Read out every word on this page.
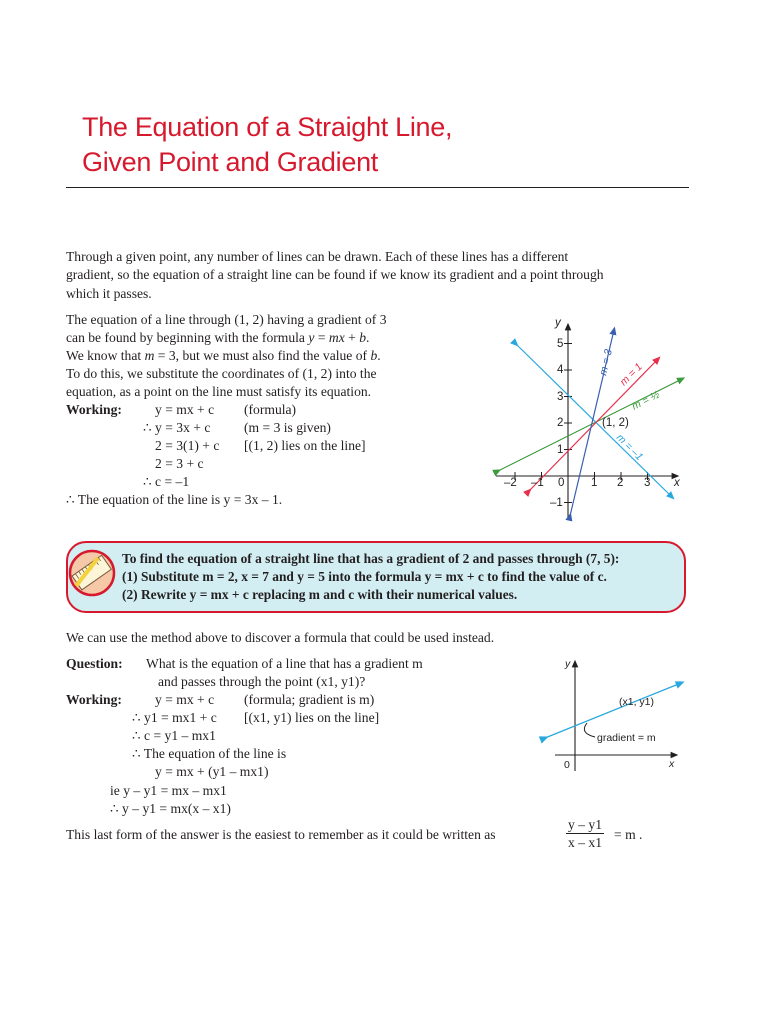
The Equation of a Straight Line,
Given Point and Gradient
Through a given point, any number of lines can be drawn. Each of these lines has a different
gradient, so the equation of a straight line can be found if we know its gradient and a point through
which it passes.
The equation of a line through (1, 2) having a gradient of 3
can be found by beginning with the formula y = mx + b.
We know that m = 3, but we must also find the value of b.
To do this, we substitute the coordinates of (1, 2) into the
equation, as a point on the line must satisfy its equation.
Working: y = mx + c (formula)
∴ y = 3x + c (m = 3 is given)
2 = 3(1) + c [(1, 2) lies on the line]
2 = 3 + c
∴ c = –1
∴ The equation of the line is y = 3x – 1.
x
y
–2 –1 0 1 2 3
5
4
3
2
1
–1
(1, 2)
m = 3 m = 1
m = ½
m = –1
To find the equation of a straight line that has a gradient of 2 and passes through (7, 5):
(1) Substitute m = 2, x = 7 and y = 5 into the formula y = mx + c to find the value of c.
(2) Rewrite y = mx + c replacing m and c with their numerical values.
We can use the method above to discover a formula that could be used instead.
Question: What is the equation of a line that has a gradient m
and passes through the point (x1, y1)?
Working: y = mx + c (formula; gradient is m)
∴ y1 = mx1 + c [(x1, y1) lies on the line]
∴ c = y1 – mx1
∴ The equation of the line is
y = mx + (y1 – mx1)
ie y – y1 = mx – mx1
∴ y – y1 = mx(x – x1)
This last form of the answer is the easiest to remember as it could be written as	$\frac{y - y1}{x - x1} = m$ .
y
x
0
(x1, y1)
gradient = m
